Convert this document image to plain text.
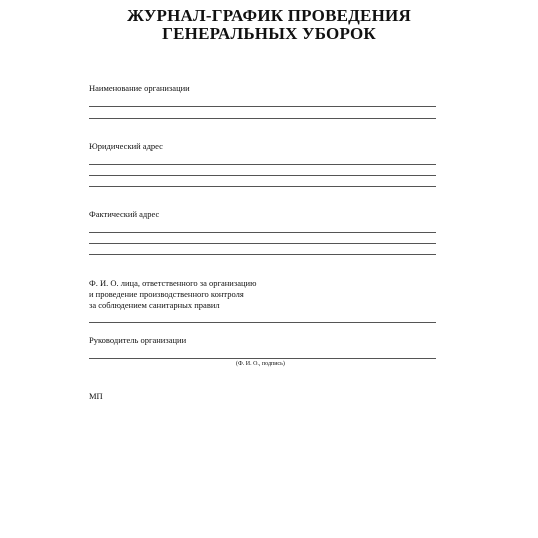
ЖУРНАЛ-ГРАФИК ПРОВЕДЕНИЯ
ГЕНЕРАЛЬНЫХ УБОРОК
Наименование организации
Юридический адрес
Фактический адрес
Ф. И. О. лица, ответственного за организацию
и проведение производственного контроля
за соблюдением санитарных правил
Руководитель организации
(Ф. И. О., подпись)
МП
